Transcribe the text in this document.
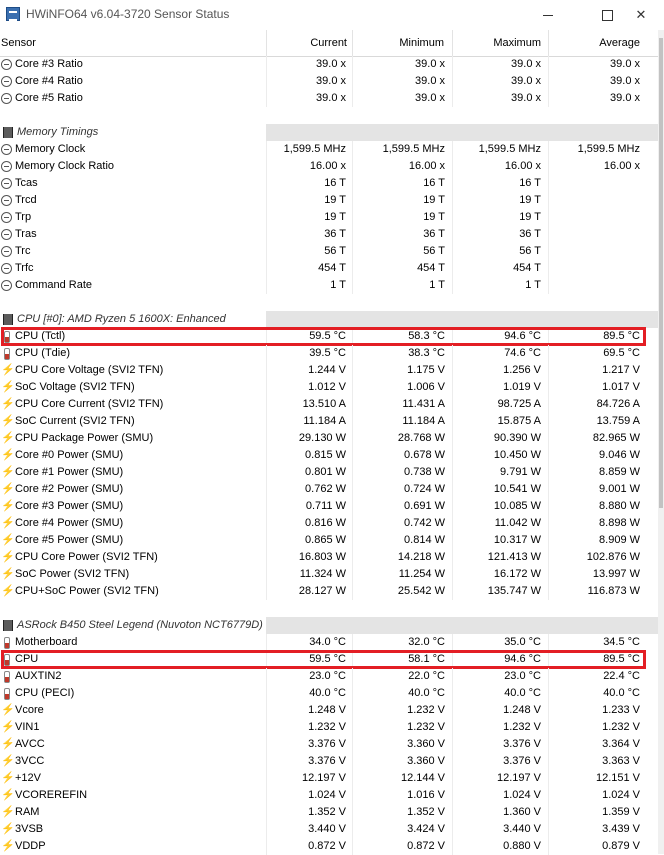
HWiNFO64 v6.04-3720 Sensor Status	✕
Sensor	Current	Minimum	Maximum	Average
Core #3 Ratio	39.0 x	39.0 x	39.0 x	39.0 x
Core #4 Ratio	39.0 x	39.0 x	39.0 x	39.0 x
Core #5 Ratio	39.0 x	39.0 x	39.0 x	39.0 x
Memory Timings
Memory Clock	1,599.5 MHz	1,599.5 MHz	1,599.5 MHz	1,599.5 MHz
Memory Clock Ratio	16.00 x	16.00 x	16.00 x	16.00 x
Tcas	16 T	16 T	16 T
Trcd	19 T	19 T	19 T
Trp	19 T	19 T	19 T
Tras	36 T	36 T	36 T
Trc	56 T	56 T	56 T
Trfc	454 T	454 T	454 T
Command Rate	1 T	1 T	1 T
CPU [#0]: AMD Ryzen 5 1600X: Enhanced
CPU (Tctl)	59.5 °C	58.3 °C	94.6 °C	89.5 °C
CPU (Tdie)	39.5 °C	38.3 °C	74.6 °C	69.5 °C
⚡ CPU Core Voltage (SVI2 TFN)	1.244 V	1.175 V	1.256 V	1.217 V
⚡ SoC Voltage (SVI2 TFN)	1.012 V	1.006 V	1.019 V	1.017 V
⚡ CPU Core Current (SVI2 TFN)	13.510 A	11.431 A	98.725 A	84.726 A
⚡ SoC Current (SVI2 TFN)	11.184 A	11.184 A	15.875 A	13.759 A
⚡ CPU Package Power (SMU)	29.130 W	28.768 W	90.390 W	82.965 W
⚡ Core #0 Power (SMU)	0.815 W	0.678 W	10.450 W	9.046 W
⚡ Core #1 Power (SMU)	0.801 W	0.738 W	9.791 W	8.859 W
⚡ Core #2 Power (SMU)	0.762 W	0.724 W	10.541 W	9.001 W
⚡ Core #3 Power (SMU)	0.711 W	0.691 W	10.085 W	8.880 W
⚡ Core #4 Power (SMU)	0.816 W	0.742 W	11.042 W	8.898 W
⚡ Core #5 Power (SMU)	0.865 W	0.814 W	10.317 W	8.909 W
⚡ CPU Core Power (SVI2 TFN)	16.803 W	14.218 W	121.413 W	102.876 W
⚡ SoC Power (SVI2 TFN)	11.324 W	11.254 W	16.172 W	13.997 W
⚡ CPU+SoC Power (SVI2 TFN)	28.127 W	25.542 W	135.747 W	116.873 W
ASRock B450 Steel Legend (Nuvoton NCT6779D)
Motherboard	34.0 °C	32.0 °C	35.0 °C	34.5 °C
CPU	59.5 °C	58.1 °C	94.6 °C	89.5 °C
AUXTIN2	23.0 °C	22.0 °C	23.0 °C	22.4 °C
CPU (PECI)	40.0 °C	40.0 °C	40.0 °C	40.0 °C
⚡ Vcore	1.248 V	1.232 V	1.248 V	1.233 V
⚡ VIN1	1.232 V	1.232 V	1.232 V	1.232 V
⚡ AVCC	3.376 V	3.360 V	3.376 V	3.364 V
⚡ 3VCC	3.376 V	3.360 V	3.376 V	3.363 V
⚡ +12V	12.197 V	12.144 V	12.197 V	12.151 V
⚡ VCOREREFIN	1.024 V	1.016 V	1.024 V	1.024 V
⚡ RAM	1.352 V	1.352 V	1.360 V	1.359 V
⚡ 3VSB	3.440 V	3.424 V	3.440 V	3.439 V
⚡ VDDP	0.872 V	0.872 V	0.880 V	0.879 V
